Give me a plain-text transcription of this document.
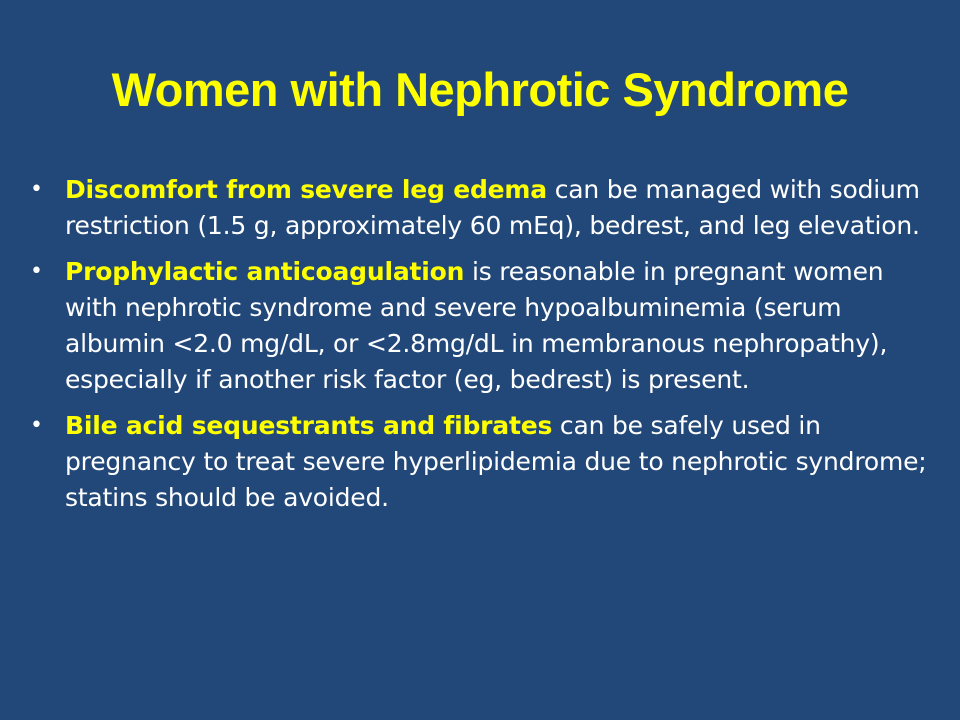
Women with Nephrotic Syndrome
• Discomfort from severe leg edema can be managed with sodium restriction (1.5 g, approximately 60 mEq), bedrest, and leg elevation.
• Prophylactic anticoagulation is reasonable in pregnant women with nephrotic syndrome and severe hypoalbuminemia (serum albumin <2.0 mg/dL, or <2.8mg/dL in membranous nephropathy), especially if another risk factor (eg, bedrest) is present.
• Bile acid sequestrants and fibrates can be safely used in pregnancy to treat severe hyperlipidemia due to nephrotic syndrome; statins should be avoided.
